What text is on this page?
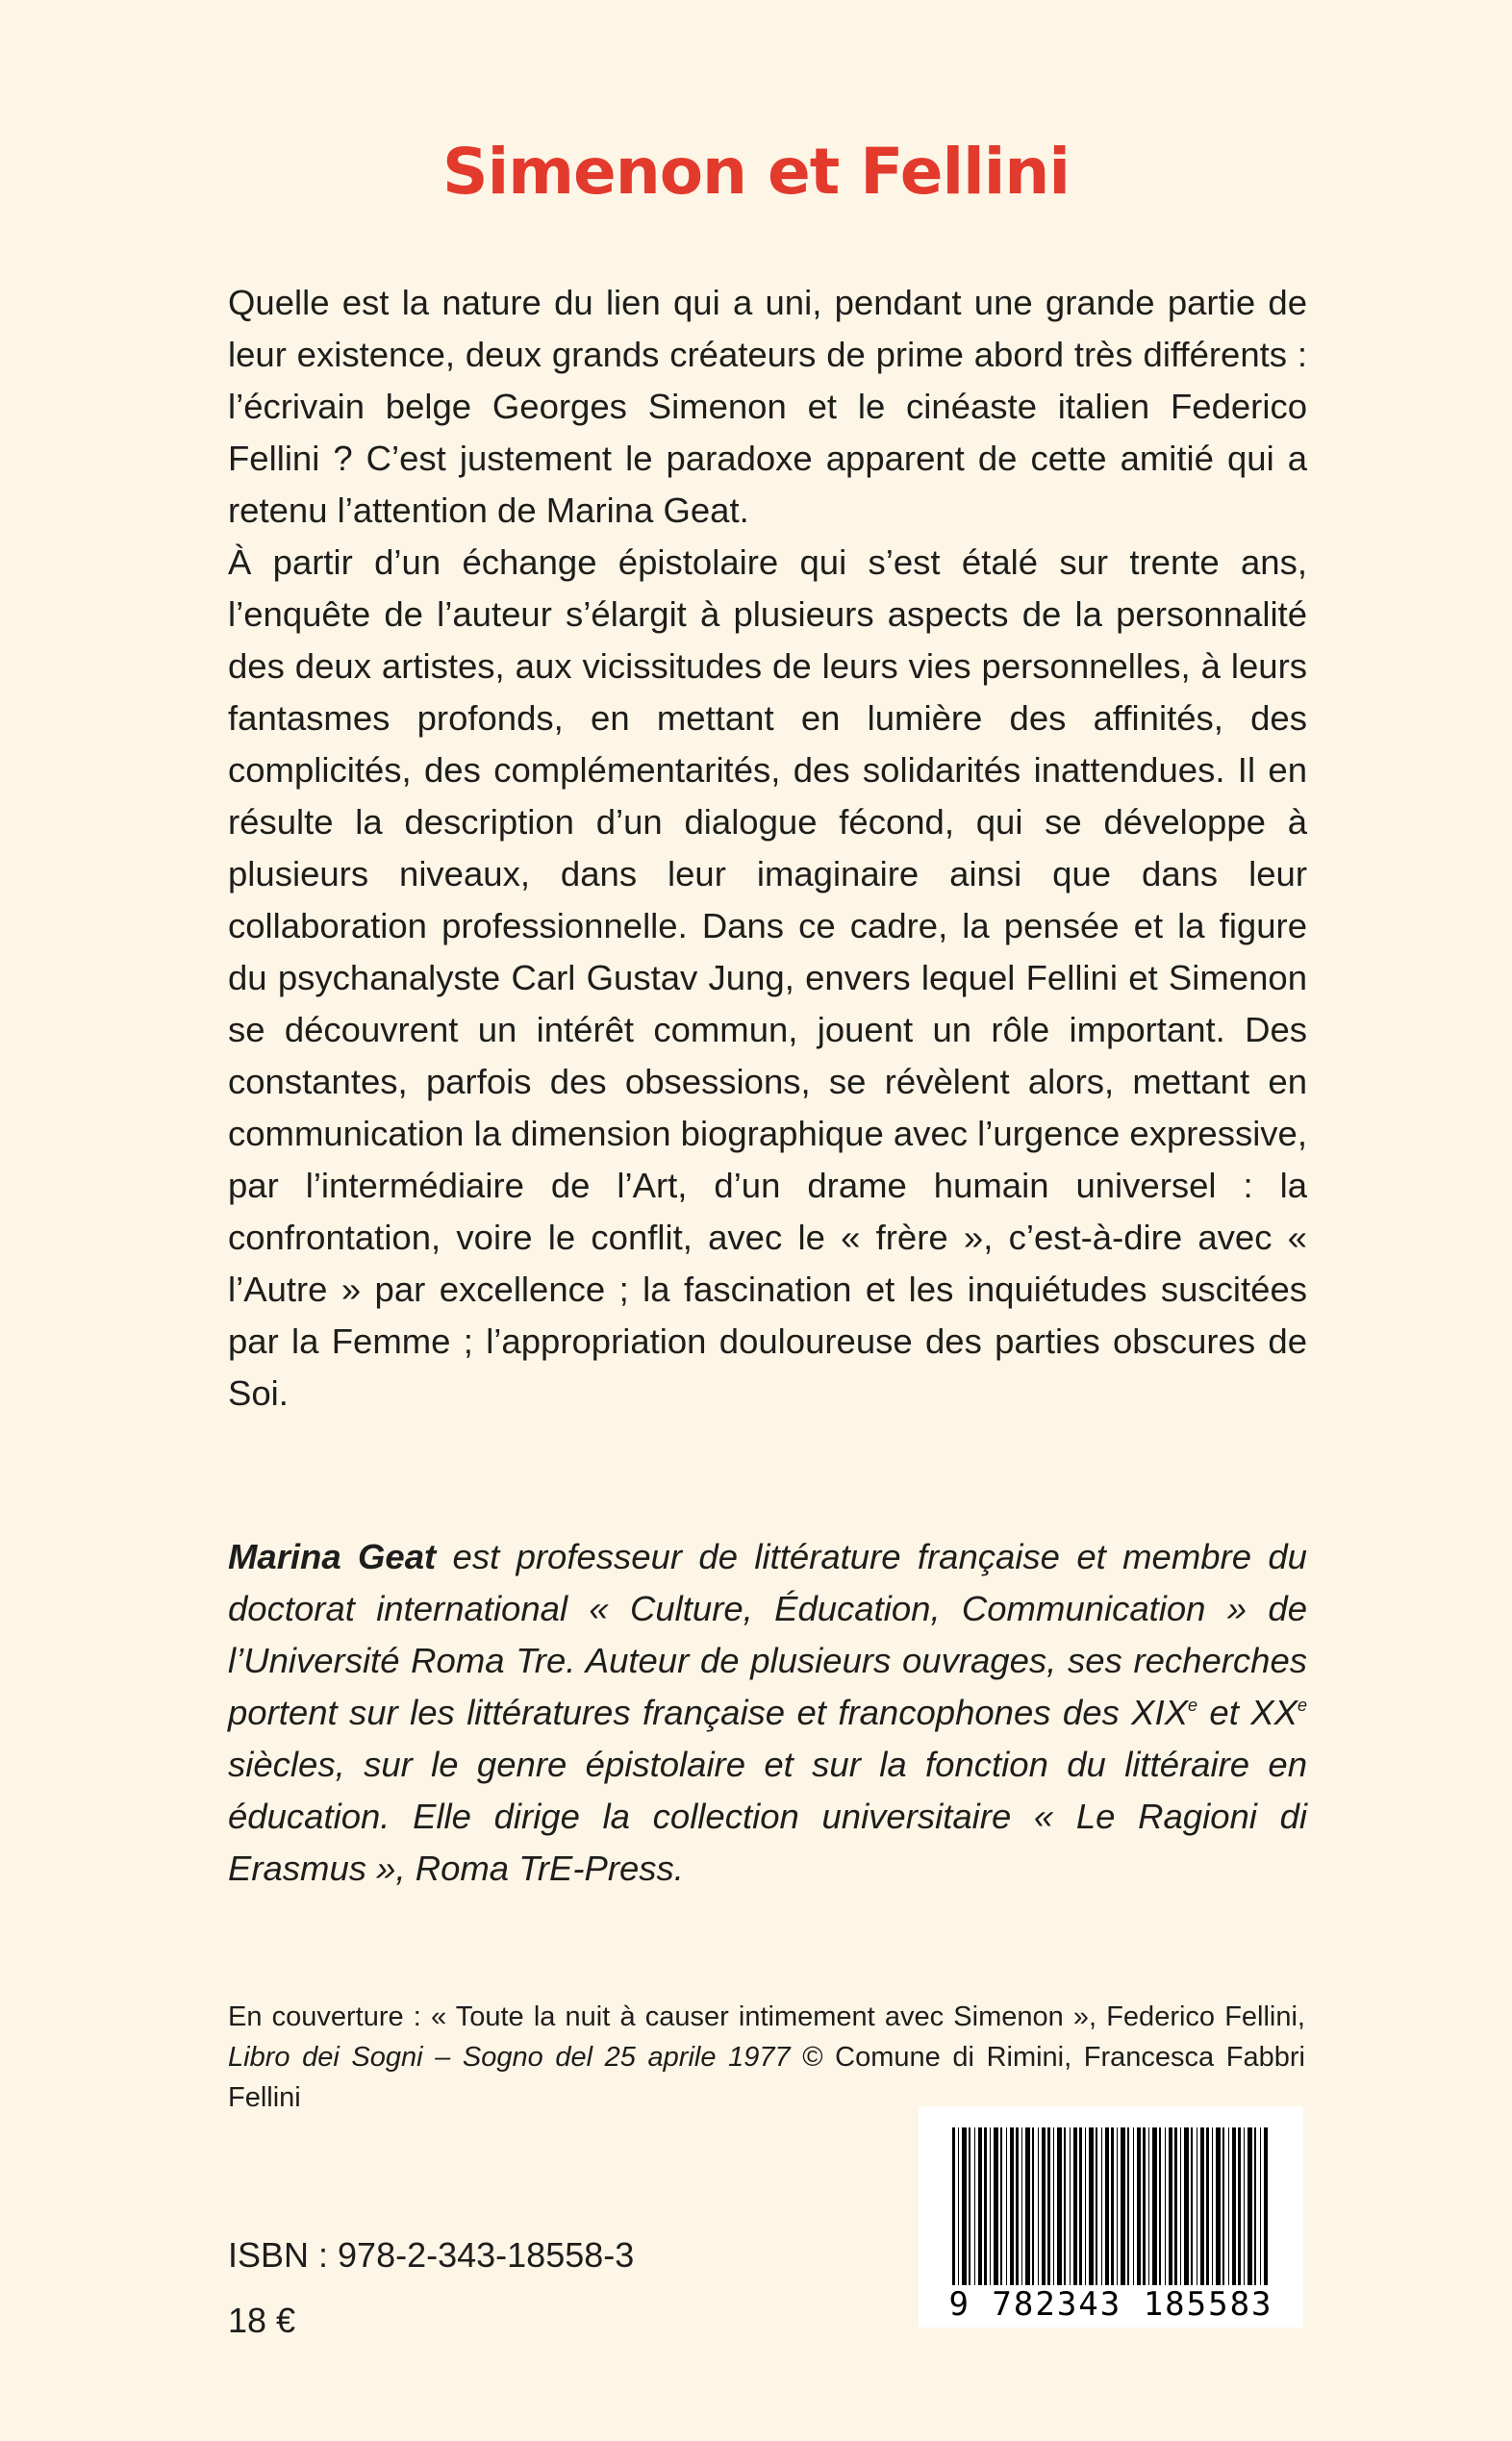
Simenon et Fellini

Quelle est la nature du lien qui a uni, pendant une grande partie de leur existence, deux grands créateurs de prime abord très différents : l’écrivain belge Georges Simenon et le cinéaste italien Federico Fellini ? C’est justement le paradoxe apparent de cette amitié qui a retenu l’attention de Marina Geat.

À partir d’un échange épistolaire qui s’est étalé sur trente ans, l’enquête de l’auteur s’élargit à plusieurs aspects de la personnalité des deux artistes, aux vicissitudes de leurs vies personnelles, à leurs fantasmes profonds, en mettant en lumière des affinités, des complicités, des complémentarités, des solidarités inattendues. Il en résulte la description d’un dialogue fécond, qui se développe à plusieurs niveaux, dans leur imaginaire ainsi que dans leur collaboration professionnelle. Dans ce cadre, la pensée et la figure du psychanalyste Carl Gustav Jung, envers lequel Fellini et Simenon se découvrent un intérêt commun, jouent un rôle important. Des constantes, parfois des obsessions, se révèlent alors, mettant en communication la dimension biographique avec l’urgence expressive, par l’intermédiaire de l’Art, d’un drame humain universel : la confrontation, voire le conflit, avec le « frère », c’est-à-dire avec « l’Autre » par excellence ; la fascination et les inquiétudes suscitées par la Femme ; l’appropriation douloureuse des parties obscures de Soi.

Marina Geat est professeur de littérature française et membre du doctorat international « Culture, Éducation, Communication » de l’Université Roma Tre. Auteur de plusieurs ouvrages, ses recherches portent sur les littératures française et francophones des XIXe et XXe siècles, sur le genre épistolaire et sur la fonction du littéraire en éducation. Elle dirige la collection universitaire « Le Ragioni di Erasmus », Roma TrE-Press.

En couverture : « Toute la nuit à causer intimement avec Simenon », Federico Fellini, Libro dei Sogni – Sogno del 25 aprile 1977 © Comune di Rimini, Francesca Fabbri Fellini

9 782343 185583

ISBN : 978-2-343-18558-3

18 €
